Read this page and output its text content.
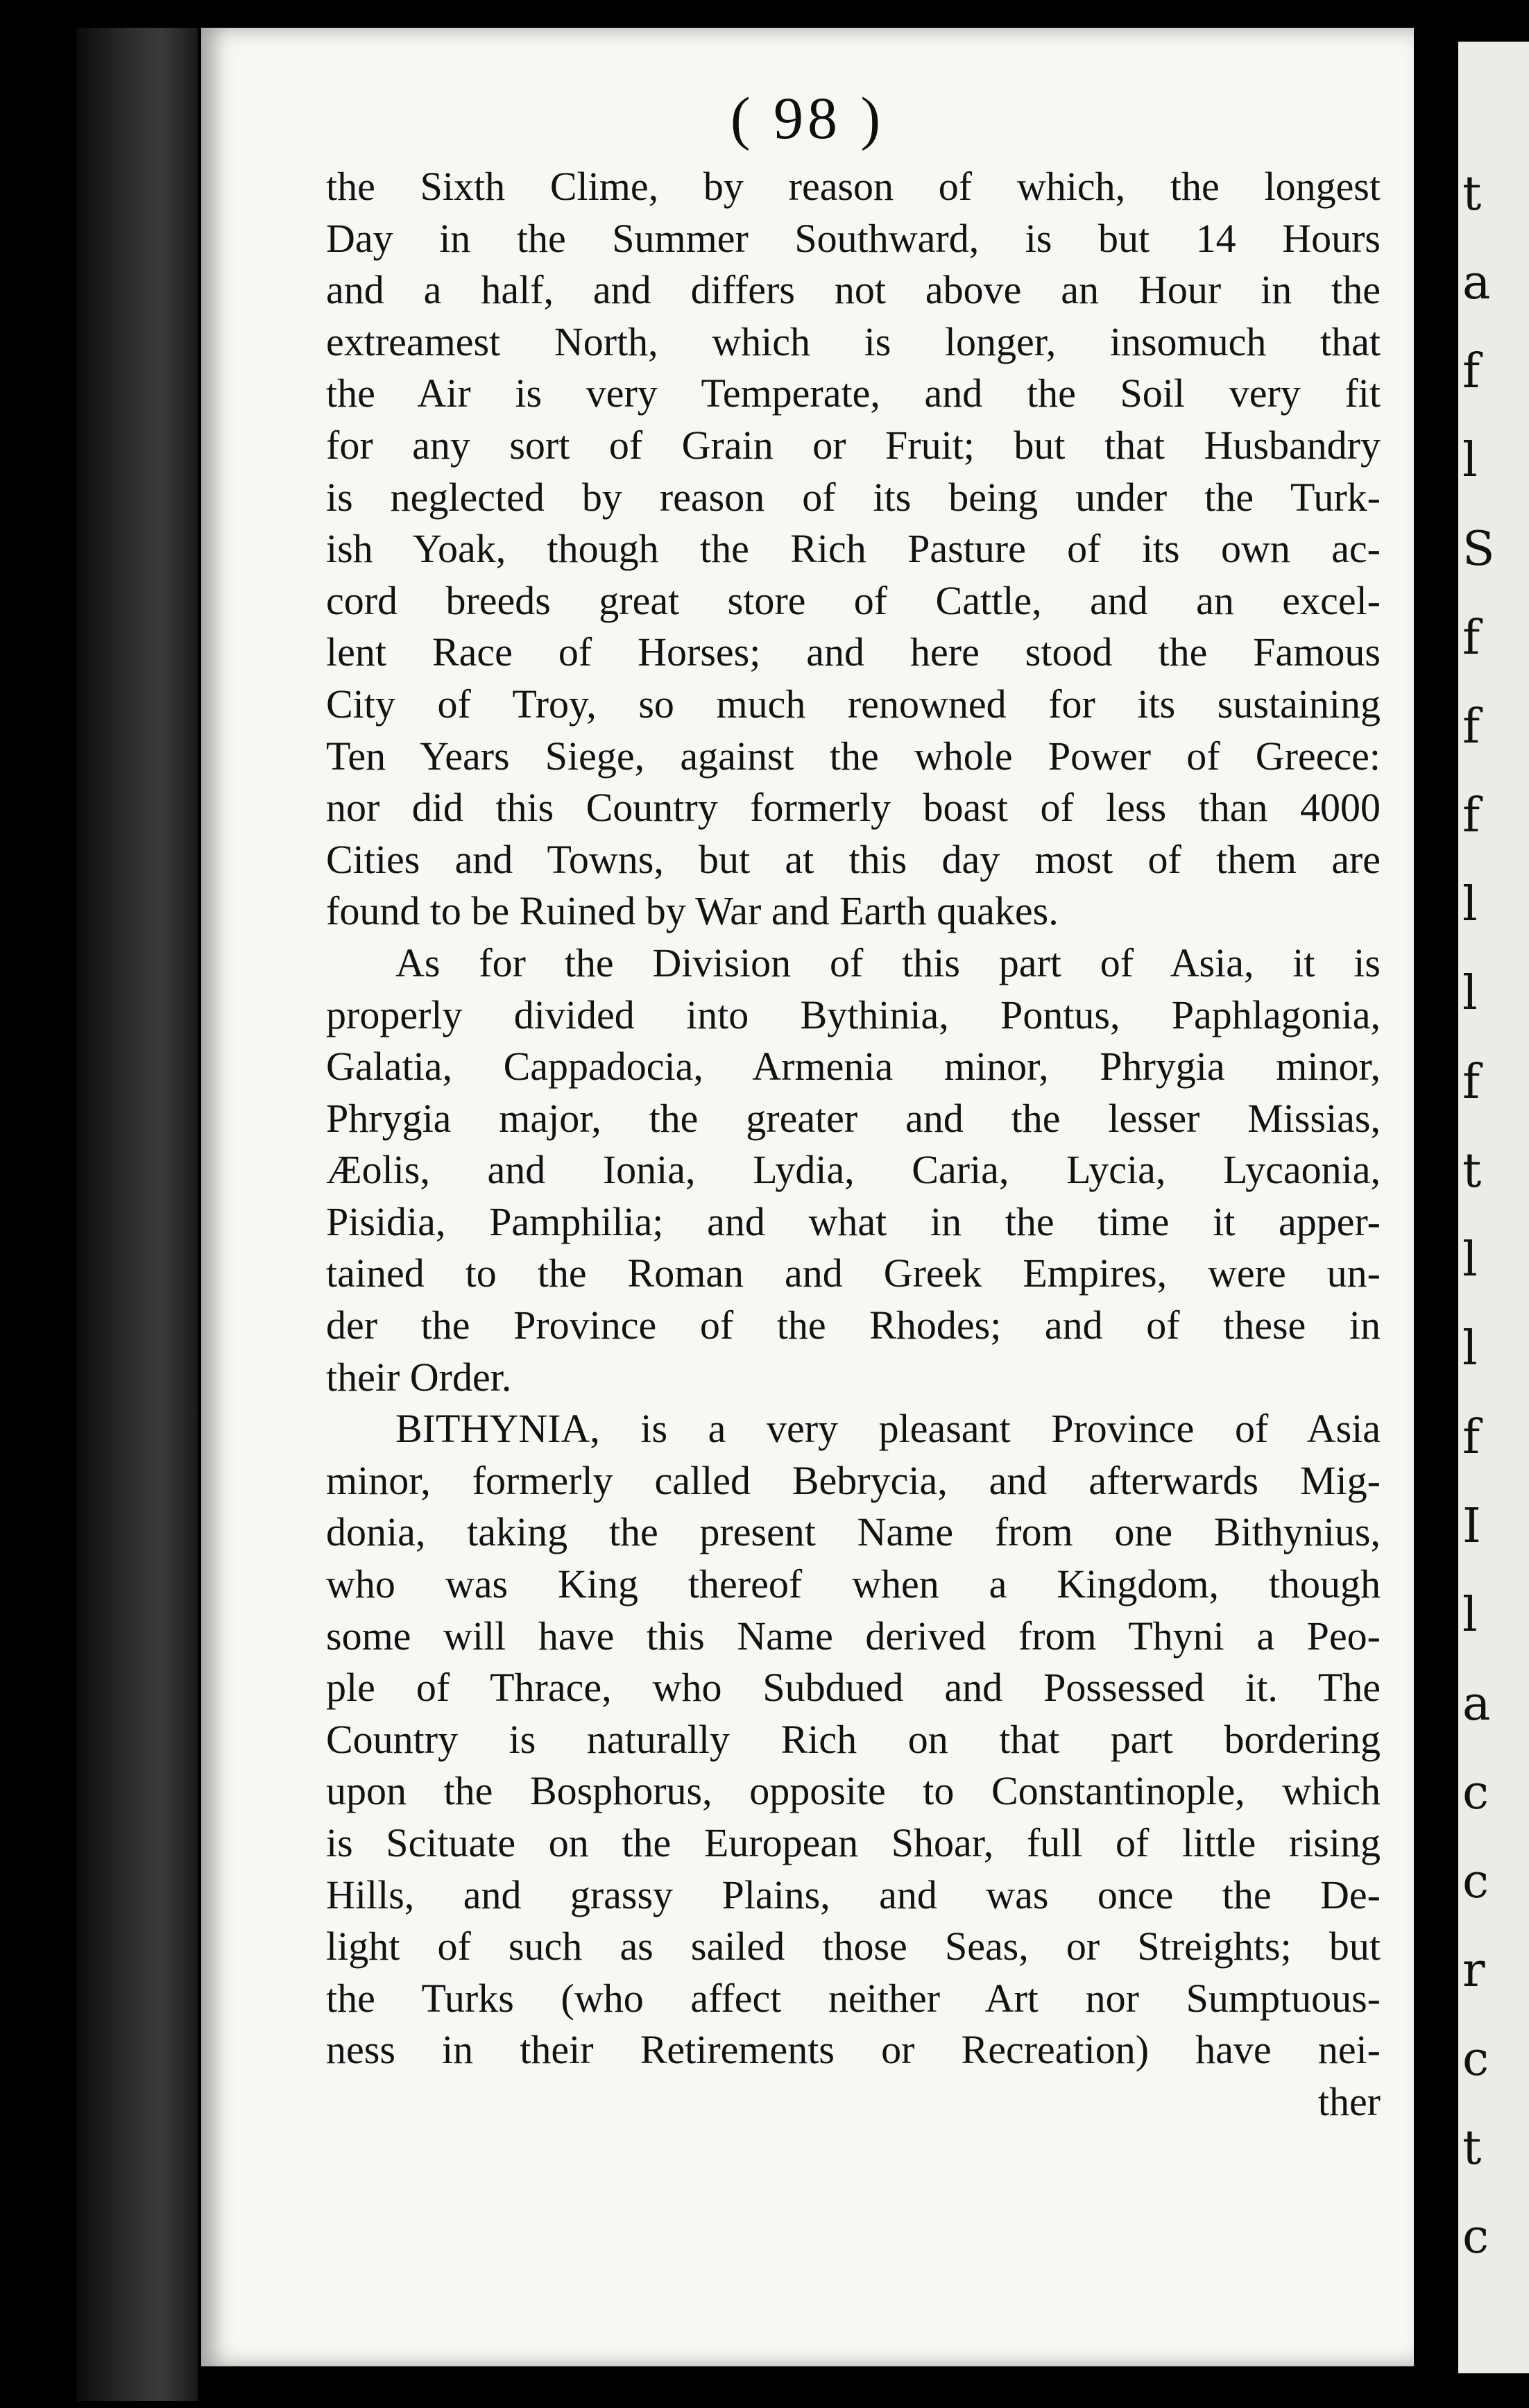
t
a
f
l
S
f
f
f
l
l
f
t
l
l
f
I
l
a
c
c
r
c
t
c
( 98 )
the Sixth Clime, by reason of which, the longest
Day in the Summer Southward, is but 14 Hours
and a half, and differs not above an Hour in the
extreamest North, which is longer, insomuch that
the Air is very Temperate, and the Soil very fit
for any sort of Grain or Fruit; but that Husbandry
is neglected by reason of its being under the Turk-
ish Yoak, though the Rich Pasture of its own ac-
cord breeds great store of Cattle, and an excel-
lent Race of Horses; and here stood the Famous
City of Troy, so much renowned for its sustaining
Ten Years Siege, against the whole Power of Greece:
nor did this Country formerly boast of less than 4000
Cities and Towns, but at this day most of them are
found to be Ruined by War and Earth quakes.
As for the Division of this part of Asia, it is
properly divided into Bythinia, Pontus, Paphlagonia,
Galatia, Cappadocia, Armenia minor, Phrygia minor,
Phrygia major, the greater and the lesser Missias,
Æolis, and Ionia, Lydia, Caria, Lycia, Lycaonia,
Pisidia, Pamphilia; and what in the time it apper-
tained to the Roman and Greek Empires, were un-
der the Province of the Rhodes; and of these in
their Order.
BITHYNIA, is a very pleasant Province of Asia
minor, formerly called Bebrycia, and afterwards Mig-
donia, taking the present Name from one Bithynius,
who was King thereof when a Kingdom, though
some will have this Name derived from Thyni a Peo-
ple of Thrace, who Subdued and Possessed it. The
Country is naturally Rich on that part bordering
upon the Bosphorus, opposite to Constantinople, which
is Scituate on the European Shoar, full of little rising
Hills, and grassy Plains, and was once the De-
light of such as sailed those Seas, or Streights; but
the Turks (who affect neither Art nor Sumptuous-
ness in their Retirements or Recreation) have nei-
ther
